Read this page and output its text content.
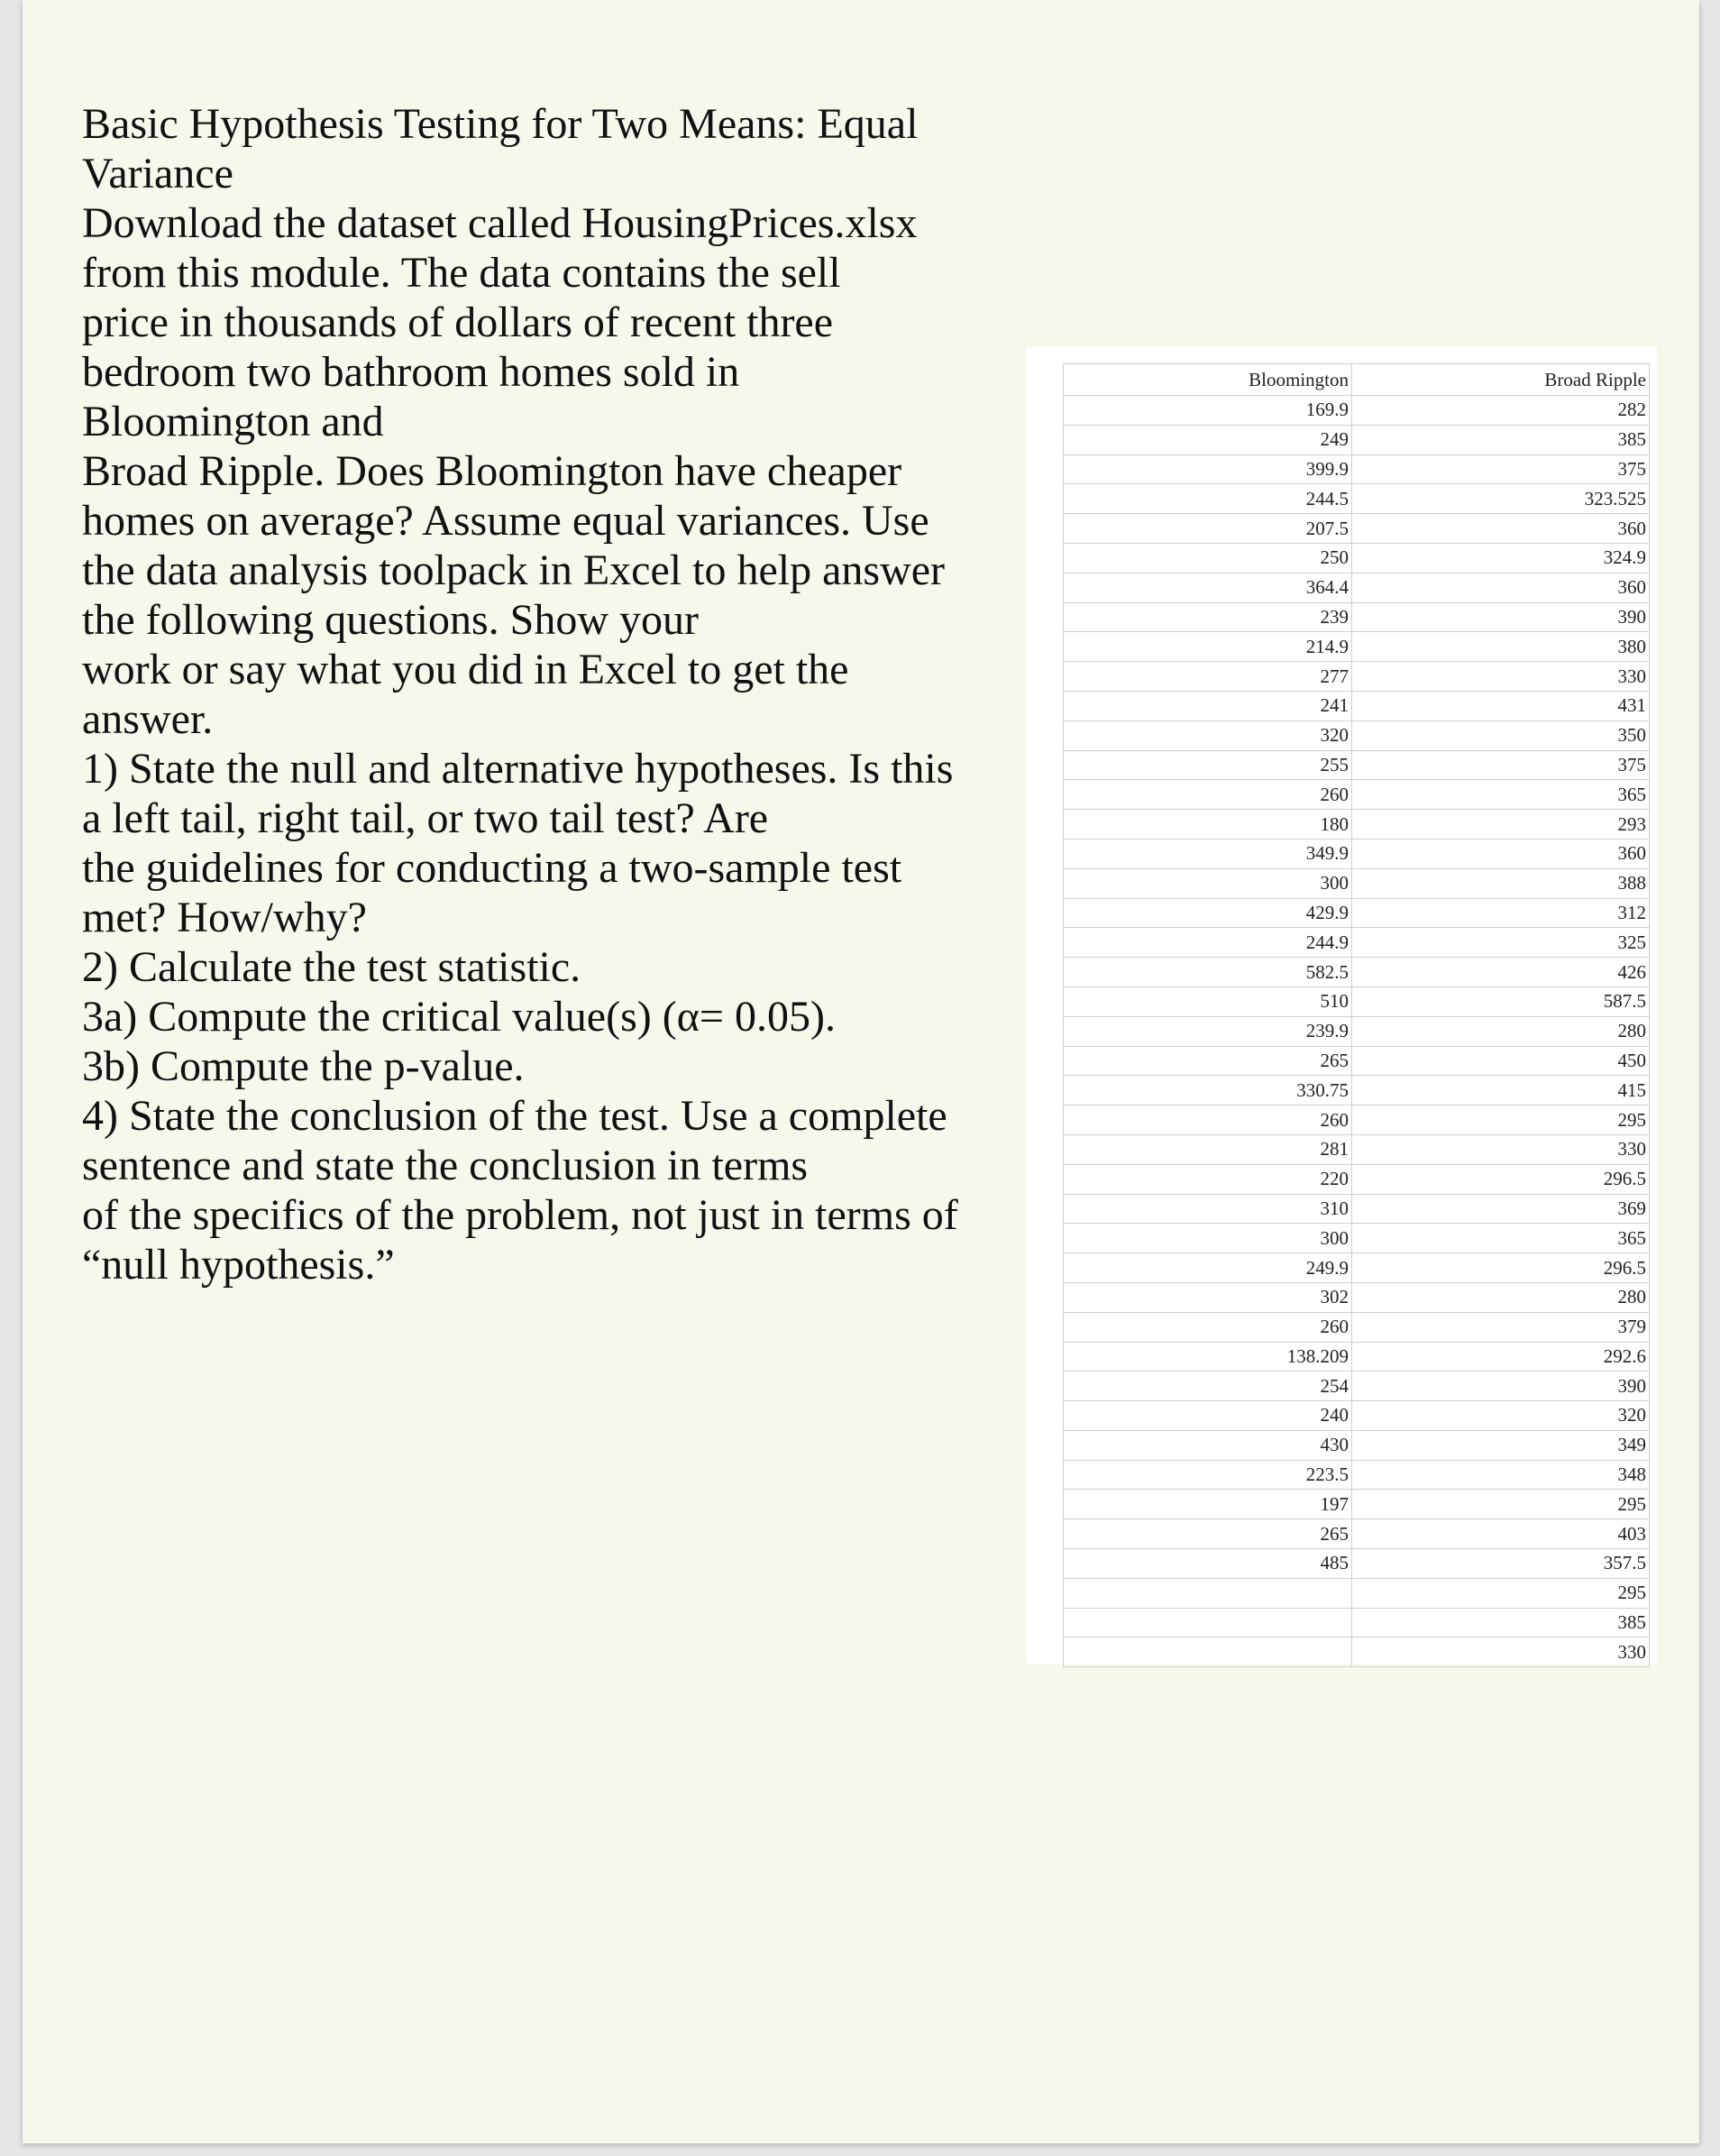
Basic Hypothesis Testing for Two Means: Equal
Variance
Download the dataset called HousingPrices.xlsx
from this module. The data contains the sell
price in thousands of dollars of recent three
bedroom two bathroom homes sold in
Bloomington and
Broad Ripple. Does Bloomington have cheaper
homes on average? Assume equal variances. Use
the data analysis toolpack in Excel to help answer
the following questions. Show your
work or say what you did in Excel to get the
answer.
1) State the null and alternative hypotheses. Is this
a left tail, right tail, or two tail test? Are
the guidelines for conducting a two-sample test
met? How/why?
2) Calculate the test statistic.
3a) Compute the critical value(s) (α= 0.05).
3b) Compute the p-value.
4) State the conclusion of the test. Use a complete
sentence and state the conclusion in terms
of the specifics of the problem, not just in terms of
“null hypothesis.”
Bloomington	Broad Ripple
169.9	282
249	385
399.9	375
244.5	323.525
207.5	360
250	324.9
364.4	360
239	390
214.9	380
277	330
241	431
320	350
255	375
260	365
180	293
349.9	360
300	388
429.9	312
244.9	325
582.5	426
510	587.5
239.9	280
265	450
330.75	415
260	295
281	330
220	296.5
310	369
300	365
249.9	296.5
302	280
260	379
138.209	292.6
254	390
240	320
430	349
223.5	348
197	295
265	403
485	357.5
	295
	385
	330
